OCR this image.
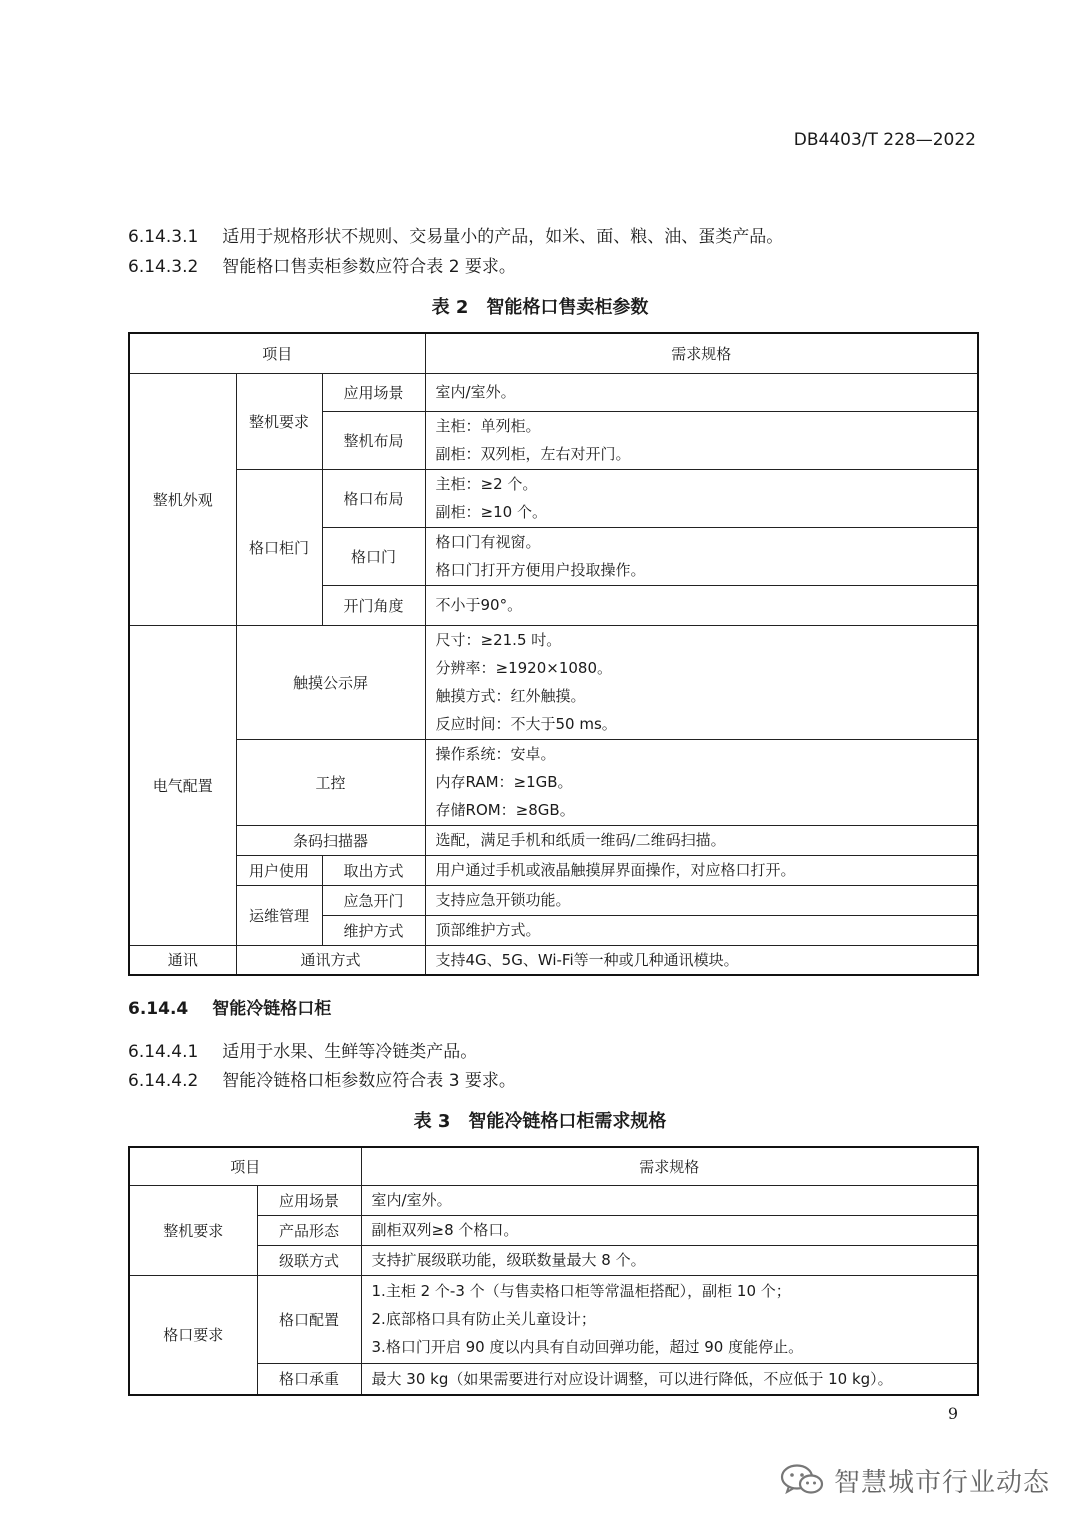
DB4403/T 228—2022
6.14.3.1 适用于规格形状不规则、交易量小的产品，如米、面、粮、油、蛋类产品。
6.14.3.2 智能格口售卖柜参数应符合表 2 要求。
表 2　智能格口售卖柜参数
项目			需求规格
整机外观	整机要求	应用场景	室内/室外。

		整机布局	主柜：单列柜。
副柜：双列柜，左右对开门。

	格口柜门	格口布局	主柜：≥2 个。
副柜：≥10 个。

		格口门	格口门有视窗。
格口门打开方便用户投取操作。

		开门角度	不小于90°。

电气配置	触摸公示屏		尺寸：≥21.5 吋。
分辨率：≥1920×1080。
触摸方式：红外触摸。
反应时间：不大于50 ms。

	工控		操作系统：安卓。
内存RAM：≥1GB。
存储ROM：≥8GB。

	条码扫描器		选配，满足手机和纸质一维码/二维码扫描。

	用户使用	取出方式	用户通过手机或液晶触摸屏界面操作，对应格口打开。

	运维管理	应急开门	支持应急开锁功能。

		维护方式	顶部维护方式。

通讯	通讯方式		支持4G、5G、Wi-Fi等一种或几种通讯模块。
6.14.4 智能冷链格口柜
6.14.4.1 适用于水果、生鲜等冷链类产品。
6.14.4.2 智能冷链格口柜参数应符合表 3 要求。
表 3　智能冷链格口柜需求规格
项目		需求规格
整机要求	应用场景	室内/室外。

	产品形态	副柜双列≥8 个格口。

	级联方式	支持扩展级联功能，级联数量最大 8 个。

格口要求	格口配置	1.主柜 2 个-3 个（与售卖格口柜等常温柜搭配），副柜 10 个；
2.底部格口具有防止关儿童设计；
3.格口门开启 90 度以内具有自动回弹功能，超过 90 度能停止。

	格口承重	最大 30 kg（如果需要进行对应设计调整，可以进行降低，不应低于 10 kg）。
9
智慧城市行业动态
